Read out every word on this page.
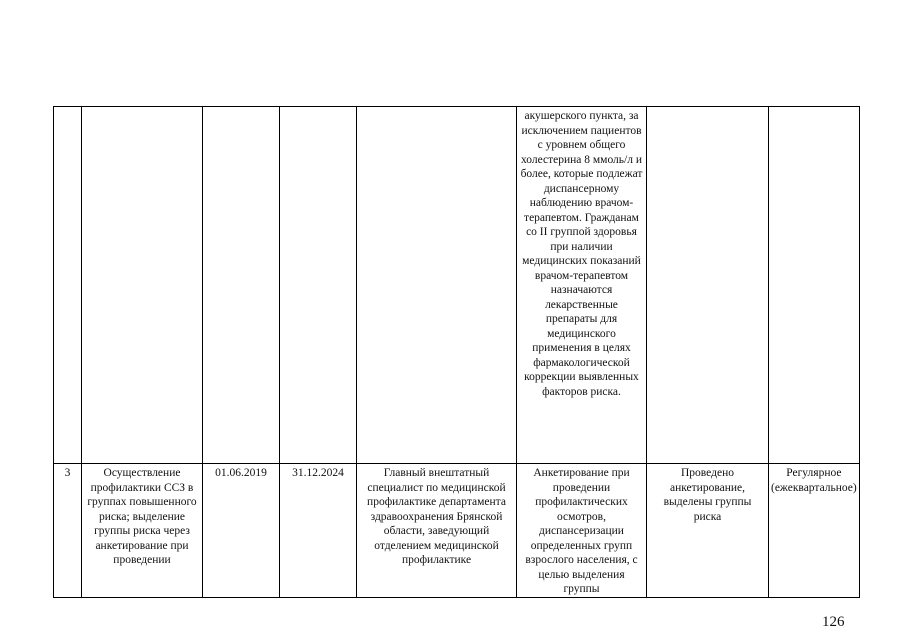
					акушерского пункта, за исключением пациентов с уровнем общего холестерина 8 ммоль/л и более, которые подлежат диспансерному наблюдению врачом-терапевтом. Гражданам со II группой здоровья при наличии медицинских показаний врачом-терапевтом назначаются лекарственные препараты для медицинского применения в целях фармакологической коррекции выявленных факторов риска.		
3	Осуществление профилактики ССЗ в группах повышенного риска; выделение группы риска через анкетирование при проведении	01.06.2019	31.12.2024	Главный внештатный специалист по медицинской профилактике департамента здравоохранения Брянской области, заведующий отделением медицинской профилактике	Анкетирование при проведении профилактических осмотров, диспансеризации определенных групп взрослого населения, с целью выделения группы	Проведено анкетирование, выделены группы риска	Регулярное (ежеквартальное)
126
